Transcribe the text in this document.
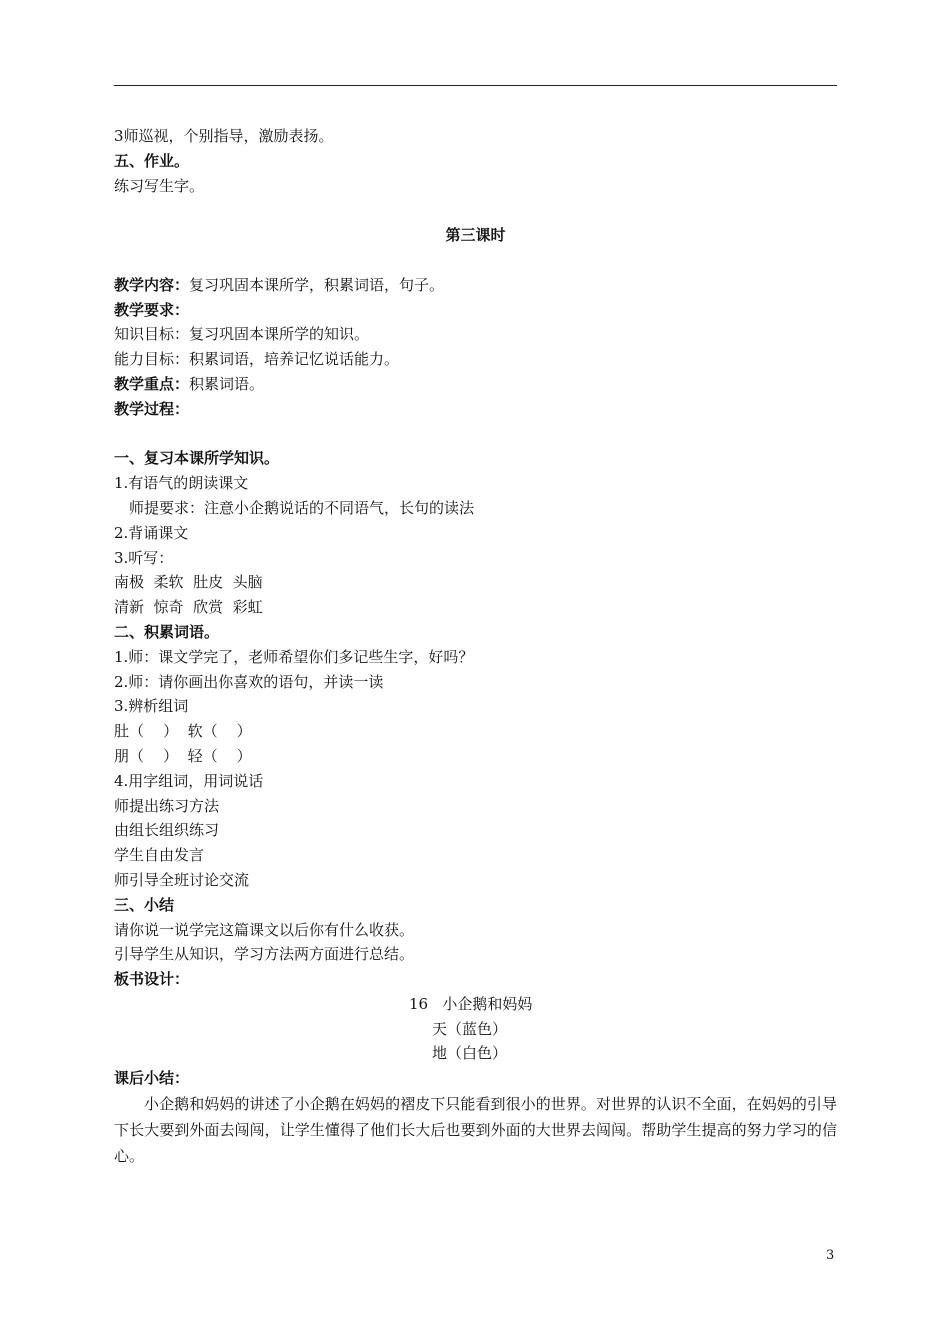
3师巡视，个别指导，激励表扬。
五、作业。
练习写生字。
第三课时
教学内容：复习巩固本课所学，积累词语，句子。
教学要求：
知识目标：复习巩固本课所学的知识。
能力目标：积累词语，培养记忆说话能力。
教学重点：积累词语。
教学过程：
一、复习本课所学知识。
1.有语气的朗读课文
师提要求：注意小企鹅说话的不同语气，长句的读法
2.背诵课文
3.听写：
南极  柔软  肚皮  头脑
清新  惊奇  欣赏  彩虹
二、积累词语。
1.师：课文学完了，老师希望你们多记些生字，好吗？
2.师：请你画出你喜欢的语句，并读一读
3.辨析组词
肚（    ）  软（    ）
朋（    ）  轻（    ）
4.用字组词，用词说话
师提出练习方法
由组长组织练习
学生自由发言
师引导全班讨论交流
三、小结
请你说一说学完这篇课文以后你有什么收获。
引导学生从知识，学习方法两方面进行总结。
板书设计：
16   小企鹅和妈妈
天（蓝色）
地（白色）
课后小结：
小企鹅和妈妈的讲述了小企鹅在妈妈的褶皮下只能看到很小的世界。对世界的认识不全面，在妈妈的引导下长大要到外面去闯闯，让学生懂得了他们长大后也要到外面的大世界去闯闯。帮助学生提高的努力学习的信心。
3
